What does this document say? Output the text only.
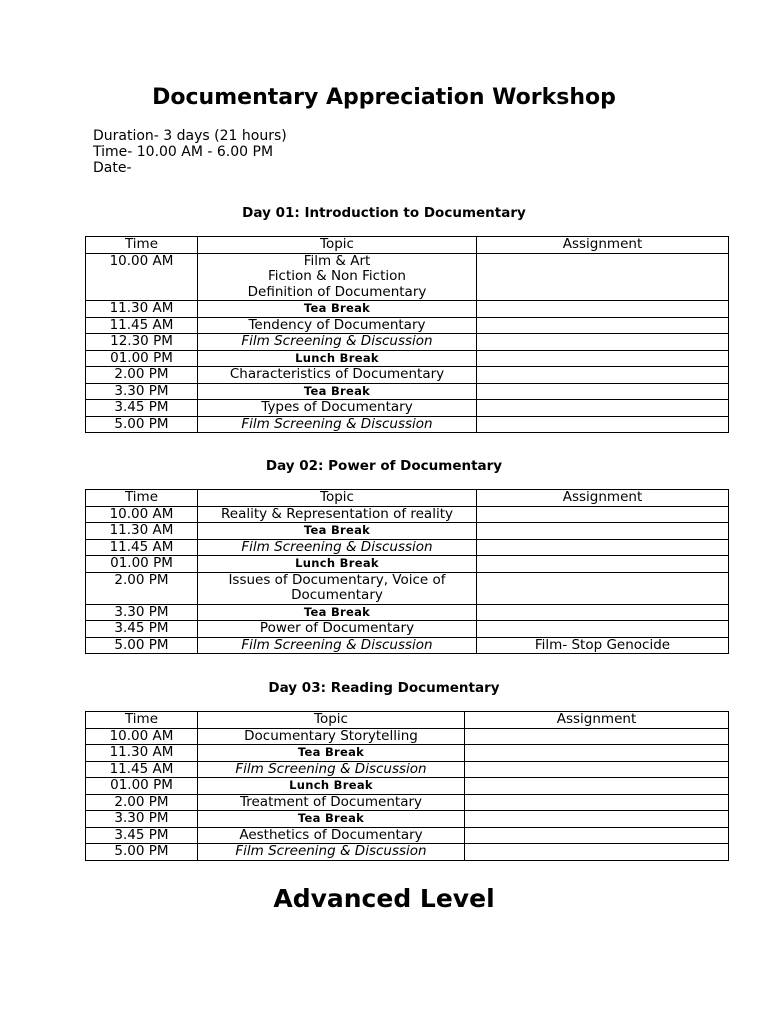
Documentary Appreciation Workshop
Duration- 3 days (21 hours)
Time- 10.00 AM - 6.00 PM
Date-
Day 01: Introduction to Documentary
Time	Topic	Assignment
10.00 AM	Film & Art
Fiction & Non Fiction
Definition of Documentary	

11.30 AM	Tea Break	

11.45 AM	Tendency of Documentary	

12.30 PM	Film Screening & Discussion	

01.00 PM	Lunch Break	

2.00 PM	Characteristics of Documentary	

3.30 PM	Tea Break	

3.45 PM	Types of Documentary	

5.00 PM	Film Screening & Discussion	

Day 02: Power of Documentary
Time	Topic	Assignment
10.00 AM	Reality & Representation of reality	

11.30 AM	Tea Break	

11.45 AM	Film Screening & Discussion	

01.00 PM	Lunch Break	

2.00 PM	Issues of Documentary, Voice of
Documentary	

3.30 PM	Tea Break	

3.45 PM	Power of Documentary	

5.00 PM	Film Screening & Discussion	Film- Stop Genocide
Day 03: Reading Documentary
Time	Topic	Assignment
10.00 AM	Documentary Storytelling	

11.30 AM	Tea Break	

11.45 AM	Film Screening & Discussion	

01.00 PM	Lunch Break	

2.00 PM	Treatment of Documentary	

3.30 PM	Tea Break	

3.45 PM	Aesthetics of Documentary	

5.00 PM	Film Screening & Discussion	

Advanced Level
